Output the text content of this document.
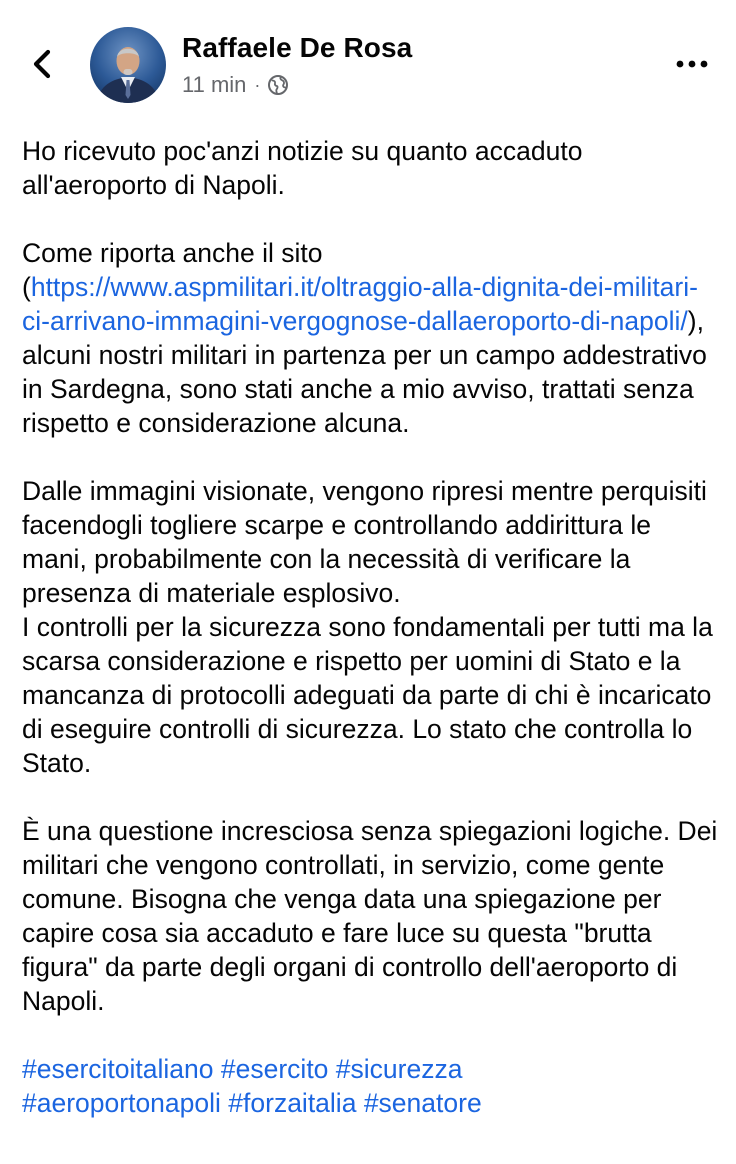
Raffaele De Rosa
11 min ·

Ho ricevuto poc'anzi notizie su quanto accaduto all'aeroporto di Napoli.

Come riporta anche il sito (https://www.aspmilitari.it/oltraggio-alla-dignita-dei-militari-ci-arrivano-immagini-vergognose-dallaeroporto-di-napoli/), alcuni nostri militari in partenza per un campo addestrativo in Sardegna, sono stati anche a mio avviso, trattati senza rispetto e considerazione alcuna.

Dalle immagini visionate, vengono ripresi mentre perquisiti facendogli togliere scarpe e controllando addirittura le mani, probabilmente con la necessità di verificare la presenza di materiale esplosivo.

I controlli per la sicurezza sono fondamentali per tutti ma la scarsa considerazione e rispetto per uomini di Stato e la mancanza di protocolli adeguati da parte di chi è incaricato di eseguire controlli di sicurezza. Lo stato che controlla lo Stato.

È una questione incresciosa senza spiegazioni logiche. Dei militari che vengono controllati, in servizio, come gente comune. Bisogna che venga data una spiegazione per capire cosa sia accaduto e fare luce su questa "brutta figura" da parte degli organi di controllo dell'aeroporto di Napoli.

#esercitoitaliano #esercito #sicurezza
#aeroportonapoli #forzaitalia #senatore
